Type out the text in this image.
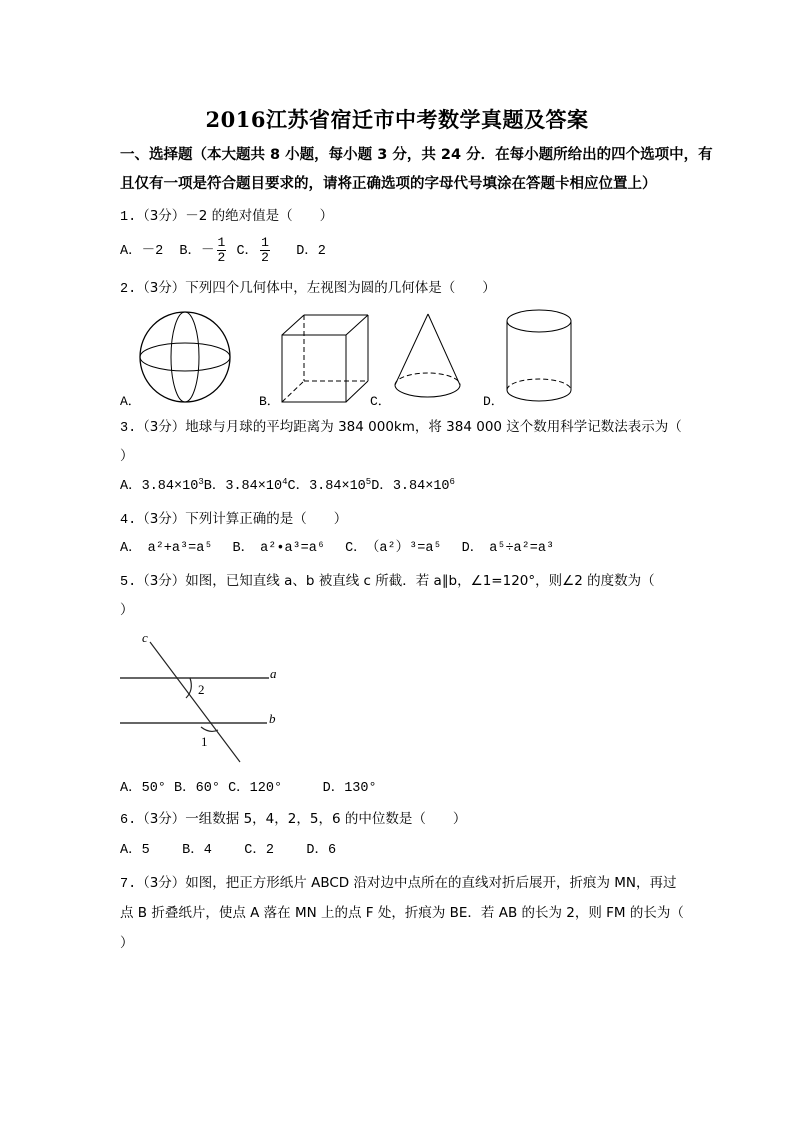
2016江苏省宿迁市中考数学真题及答案
一、选择题（本大题共 8 小题，每小题 3 分，共 24 分．在每小题所给出的四个选项中，有
且仅有一项是符合题目要求的，请将正确选项的字母代号填涂在答题卡相应位置上）
1.（3分）－2 的绝对值是（　　）
A．－2 B．－ $\frac{1}{2}$ C． $\frac{1}{2}$ D．2
2.（3分）下列四个几何体中，左视图为圆的几何体是（　　）
A．	B．	C．	D．
3.（3分）地球与月球的平均距离为 384 000km，将 384 000 这个数用科学记数法表示为（
）
A．$3.84\times 10^3B$．$3.84\times 10^4C$．$3.84\times 10^5D$．$3.84\times 10^6$
4.（3分）下列计算正确的是（　　）
A． a²+a³=a⁵ B． a²•a³=a⁶ C． （a²）³=a⁵ D． a⁵÷a²=a³
5.（3分）如图，已知直线 a、b 被直线 c 所截．若 a∥b，∠1=120°，则∠2 的度数为（
）
c
a
b
2
1
A．50° B．60° C．120°	D．130°
6.（3分）一组数据 5，4，2，5，6 的中位数是（　　）
A．5 B．4 C．2 D．6
7.（3分）如图，把正方形纸片 ABCD 沿对边中点所在的直线对折后展开，折痕为 MN，再过
点 B 折叠纸片，使点 A 落在 MN 上的点 F 处，折痕为 BE．若 AB 的长为 2，则 FM 的长为（
）
